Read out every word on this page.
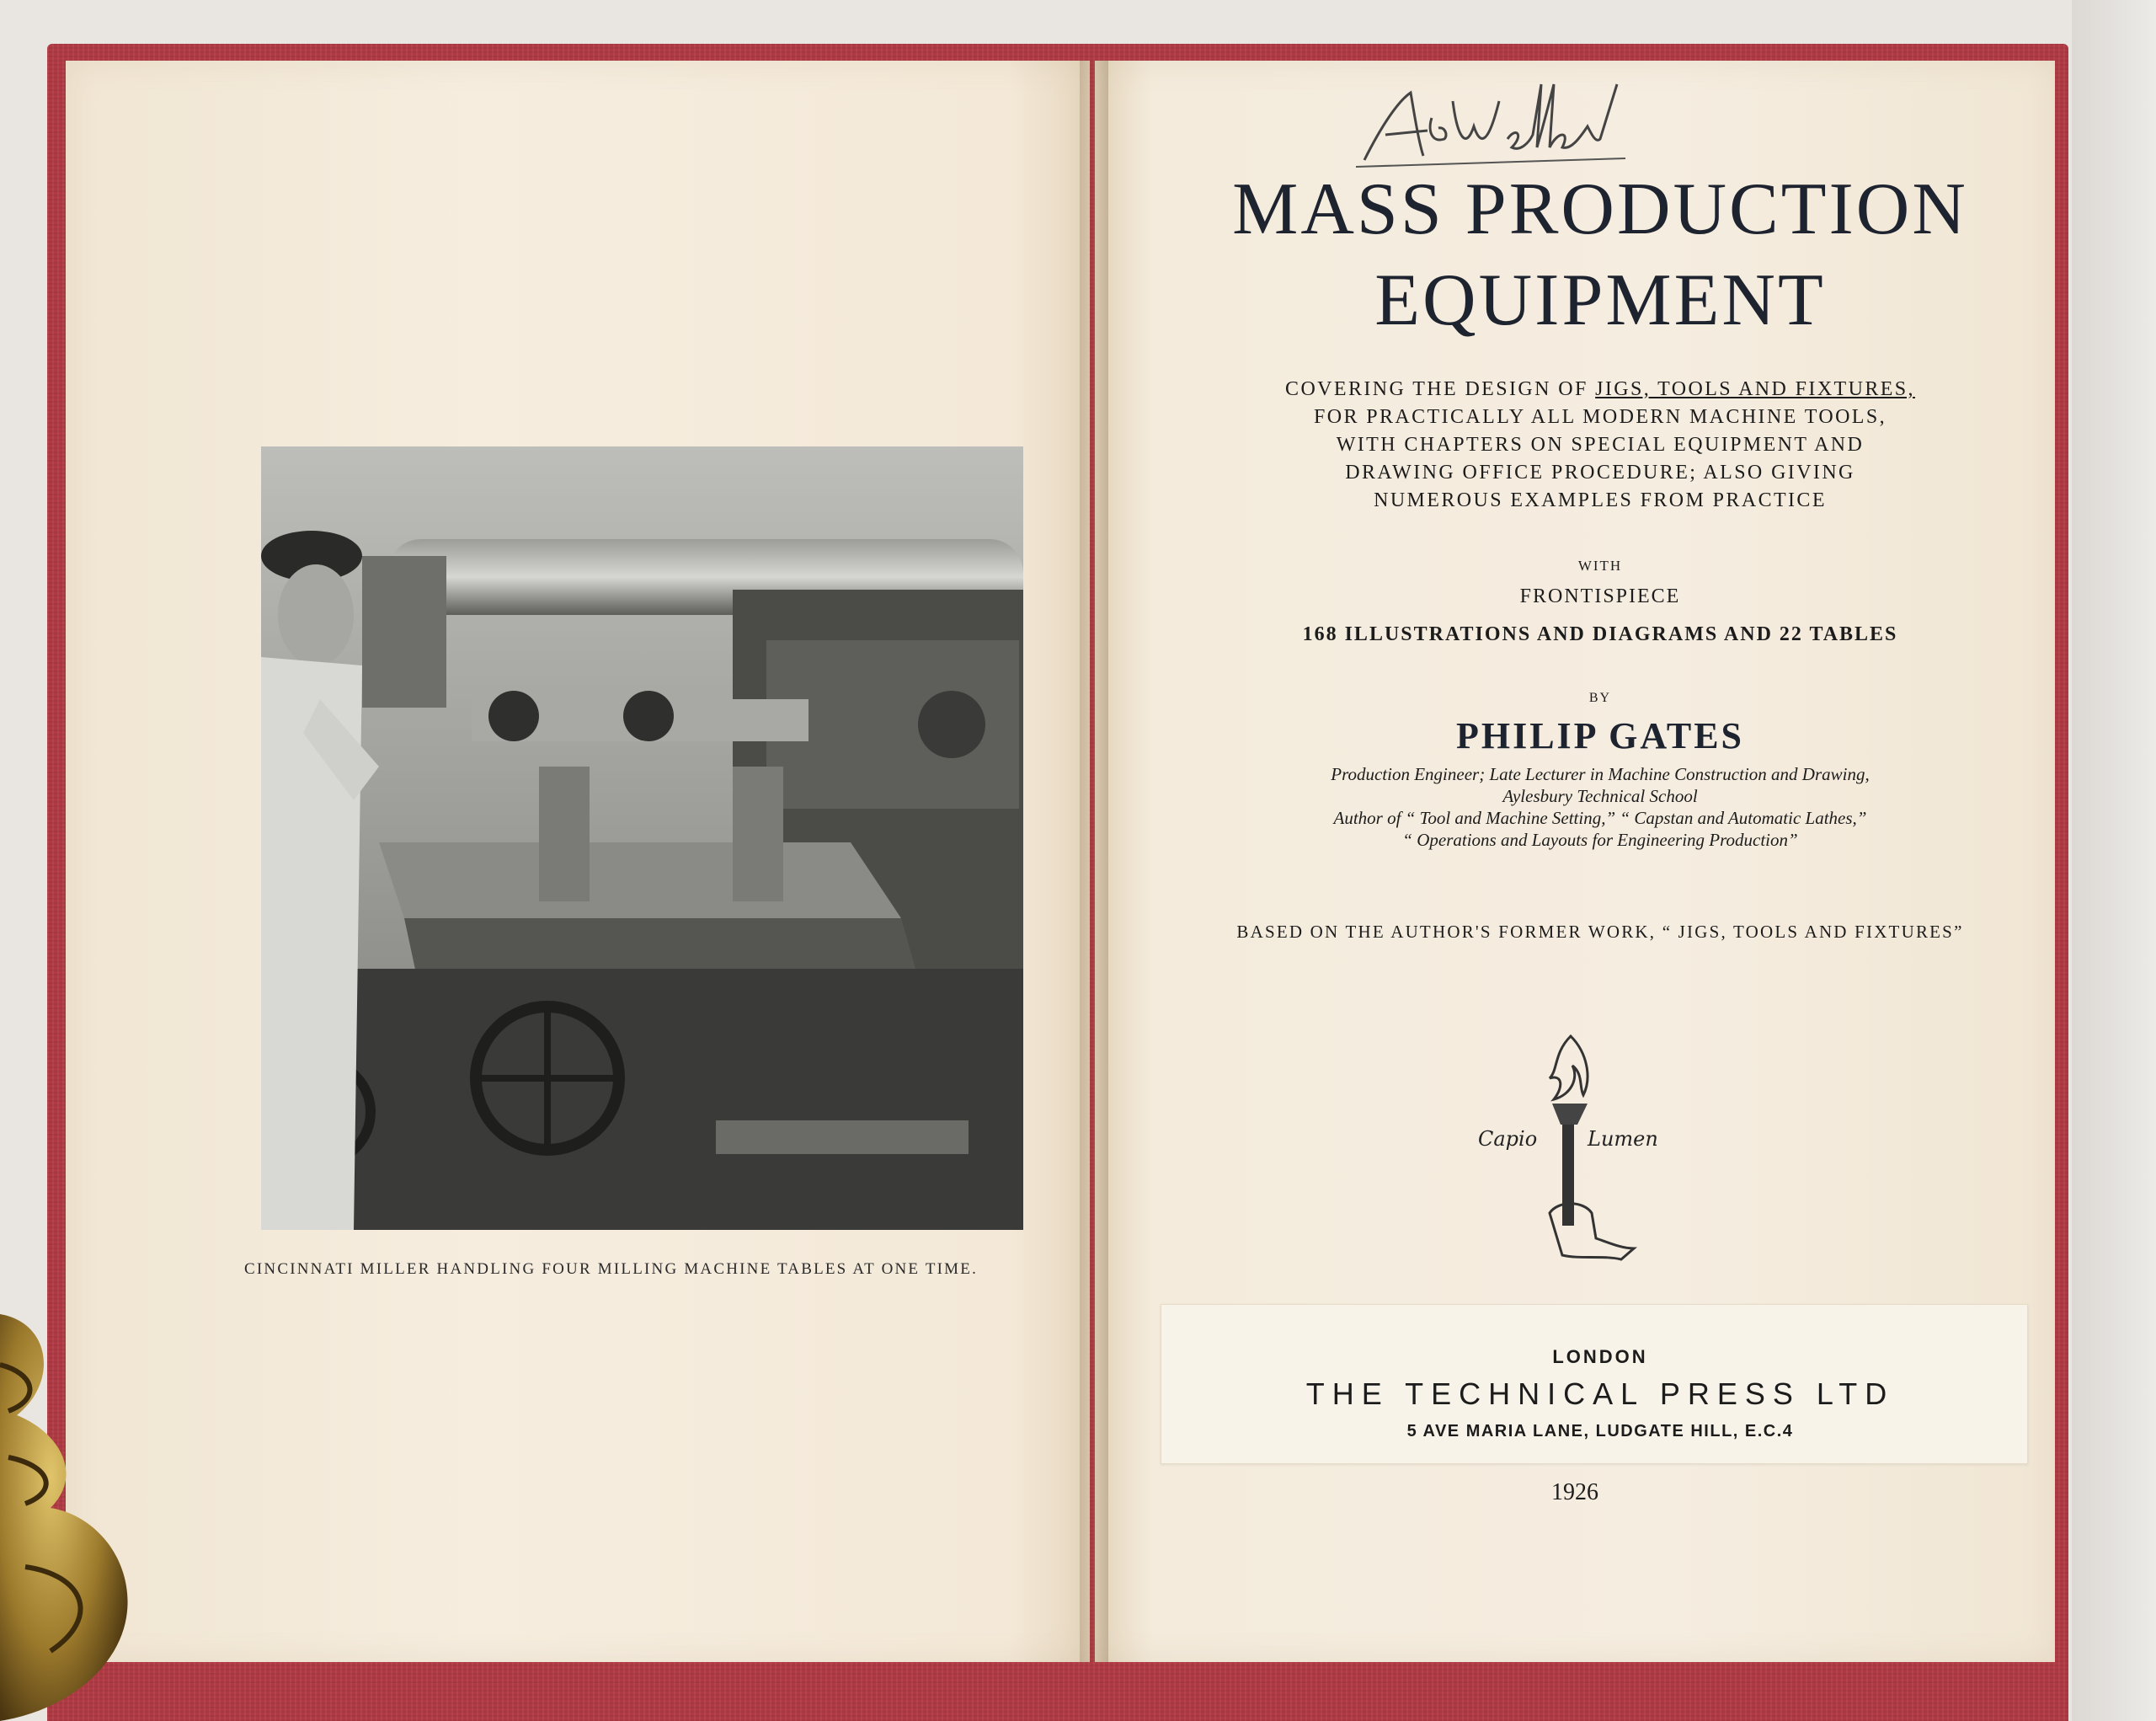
CINCINNATI MILLER HANDLING FOUR MILLING MACHINE TABLES AT ONE TIME.
MASS PRODUCTION
EQUIPMENT
COVERING THE DESIGN OF JIGS, TOOLS AND FIXTURES,
FOR PRACTICALLY ALL MODERN MACHINE TOOLS,
WITH CHAPTERS ON SPECIAL EQUIPMENT AND
DRAWING OFFICE PROCEDURE; ALSO GIVING
NUMEROUS EXAMPLES FROM PRACTICE
WITH
FRONTISPIECE
168 ILLUSTRATIONS AND DIAGRAMS AND 22 TABLES
BY
PHILIP GATES
Production Engineer; Late Lecturer in Machine Construction and Drawing,
Aylesbury Technical School
Author of “ Tool and Machine Setting,” “ Capstan and Automatic Lathes,”
“ Operations and Layouts for Engineering Production”
BASED ON THE AUTHOR'S FORMER WORK, “ JIGS, TOOLS AND FIXTURES”
Capio Lumen
LONDON
THE TECHNICAL PRESS LTD
5 AVE MARIA LANE, LUDGATE HILL, E.C.4
1926
